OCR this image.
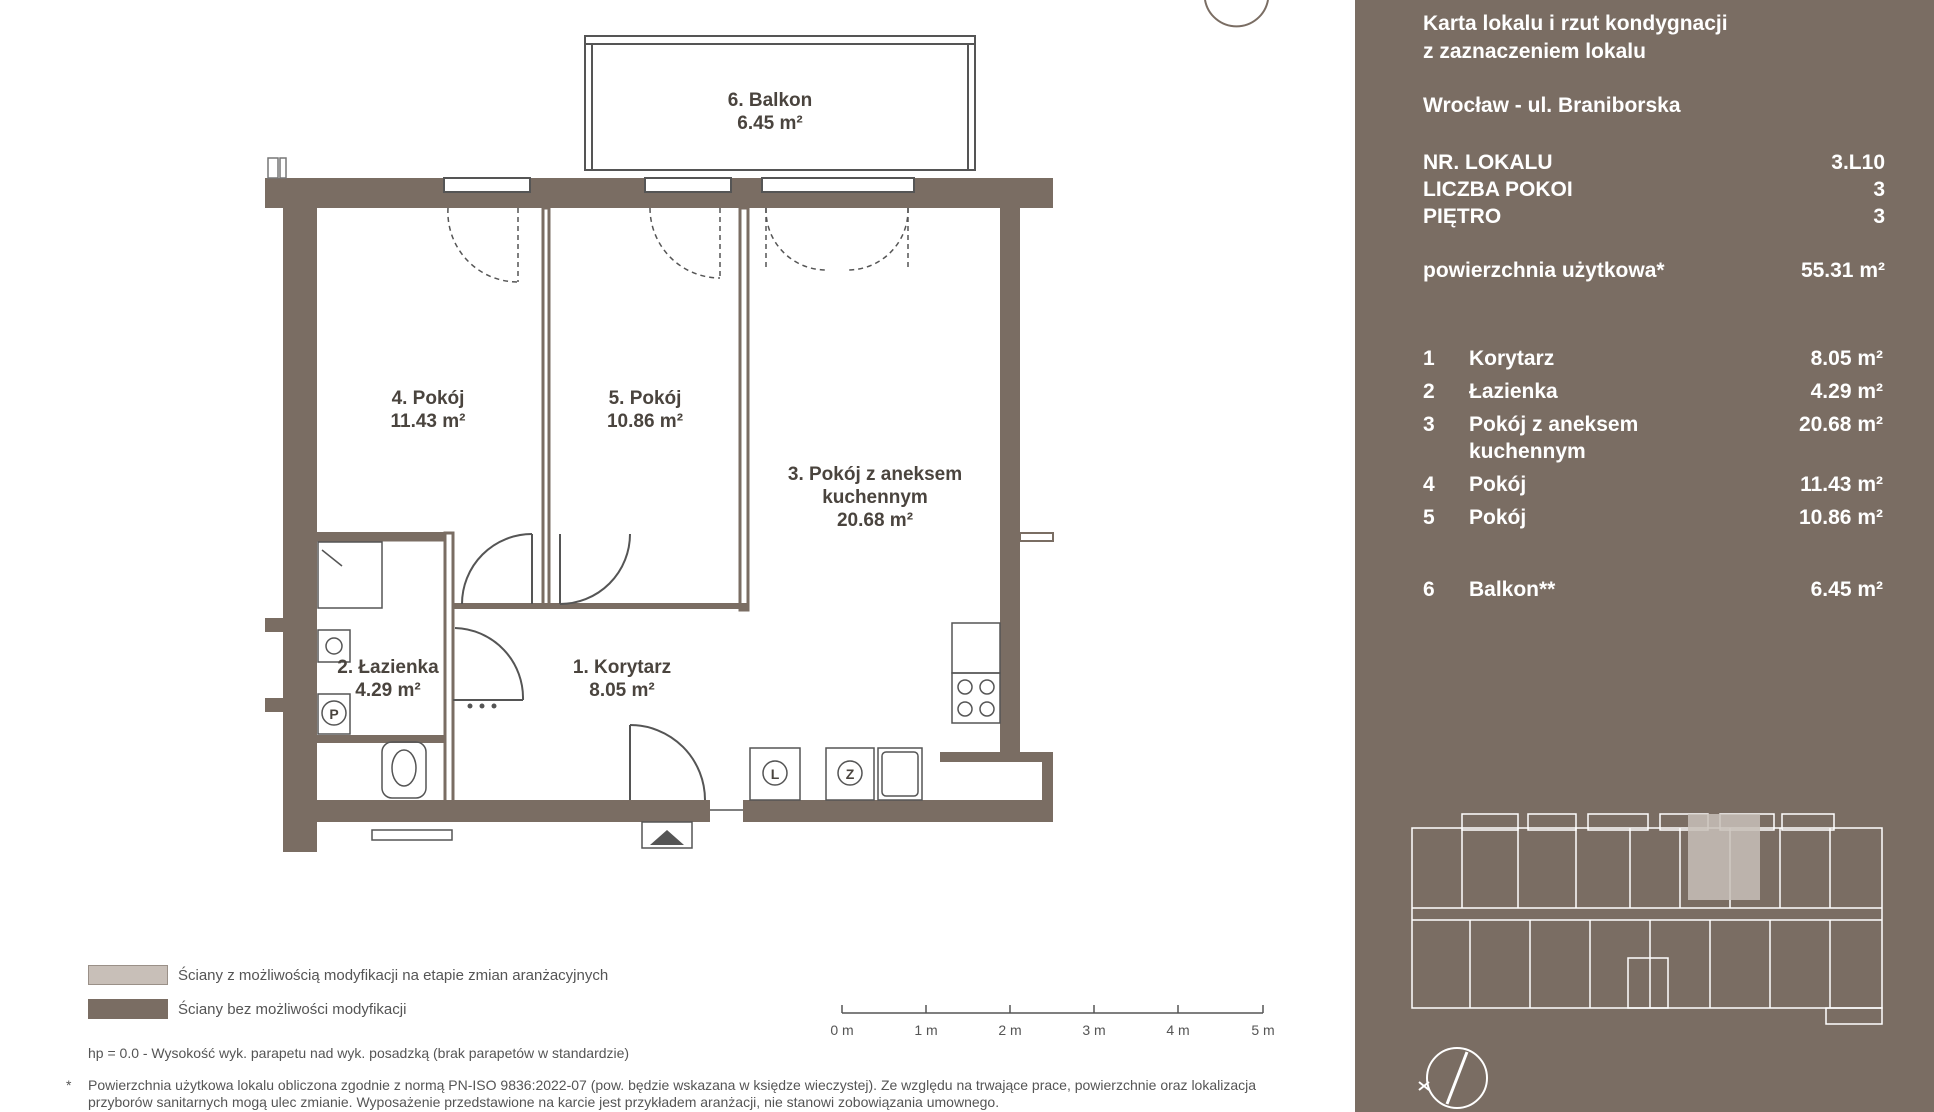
6. Balkon
6.45 m²
4. Pokój
11.43 m²
5. Pokój
10.86 m²
3. Pokój z aneksem
kuchennym
20.68 m²
1. Korytarz
8.05 m²
2. Łazienka
4.29 m²
P
L	Z
Ściany z możliwością modyfikacji na etapie zmian aranżacyjnych
Ściany bez możliwości modyfikacji
0 m	1 m	2 m	3 m	4 m	5 m
hp = 0.0 - Wysokość wyk. parapetu nad wyk. posadzką (brak parapetów w standardzie)
* Powierzchnia użytkowa lokalu obliczona zgodnie z normą PN-ISO 9836:2022-07 (pow. będzie wskazana w księdze wieczystej). Ze względu na trwające prace, powierzchnie oraz lokalizacja przyborów sanitarnych mogą ulec zmianie. Wyposażenie przedstawione na karcie jest przykładem aranżacji, nie stanowi zobowiązania umownego.
Karta lokalu i rzut kondygnacji
z zaznaczeniem lokalu
Wrocław - ul. Braniborska
NR. LOKALU	3.L10
LICZBA POKOI	3
PIĘTRO	3
powierzchnia użytkowa*	55.31 m²
1	Korytarz	8.05 m²
2	Łazienka	4.29 m²
3	Pokój z aneksem
kuchennym
20.68 m²
4	Pokój	11.43 m²
5	Pokój	10.86 m²
6	Balkon**	6.45 m²
